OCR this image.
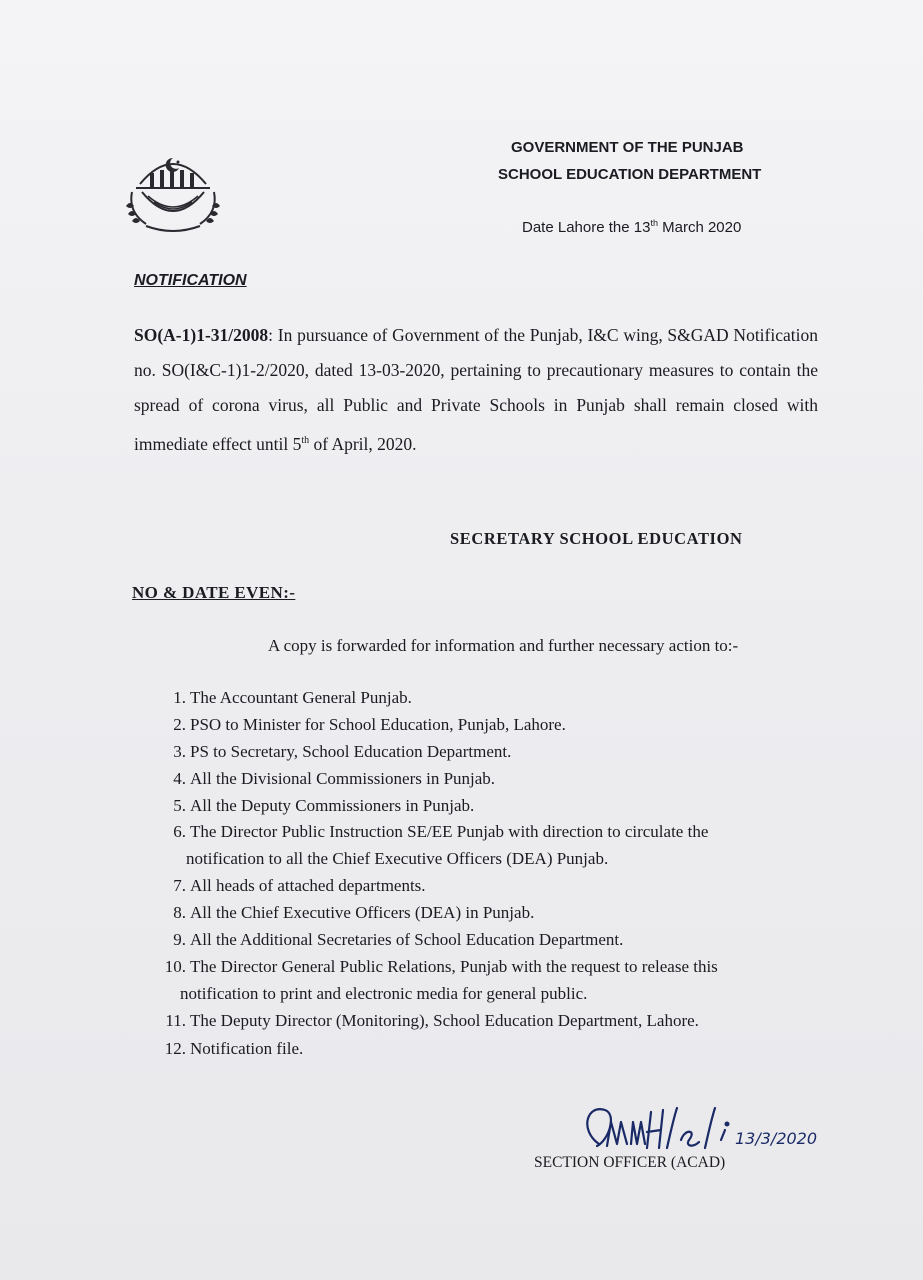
GOVERNMENT OF THE PUNJAB
SCHOOL EDUCATION DEPARTMENT
Date Lahore the 13th March 2020
NOTIFICATION
SO(A-1)1-31/2008: In pursuance of Government of the Punjab, I&C wing, S&GAD Notification no. SO(I&C-1)1-2/2020, dated 13-03-2020, pertaining to precautionary measures to contain the spread of corona virus, all Public and Private Schools in Punjab shall remain closed with immediate effect until 5th of April, 2020.
SECRETARY SCHOOL EDUCATION
NO & DATE EVEN:-
A copy is forwarded for information and further necessary action to:-
1. The Accountant General Punjab.
2. PSO to Minister for School Education, Punjab, Lahore.
3. PS to Secretary, School Education Department.
4. All the Divisional Commissioners in Punjab.
5. All the Deputy Commissioners in Punjab.
6. The Director Public Instruction SE/EE Punjab with direction to circulate the
notification to all the Chief Executive Officers (DEA) Punjab.
7. All heads of attached departments.
8. All the Chief Executive Officers (DEA) in Punjab.
9. All the Additional Secretaries of School Education Department.
10. The Director General Public Relations, Punjab with the request to release this
notification to print and electronic media for general public.
11. The Deputy Director (Monitoring), School Education Department, Lahore.
12. Notification file.
13/3/2020
SECTION OFFICER (ACAD)
